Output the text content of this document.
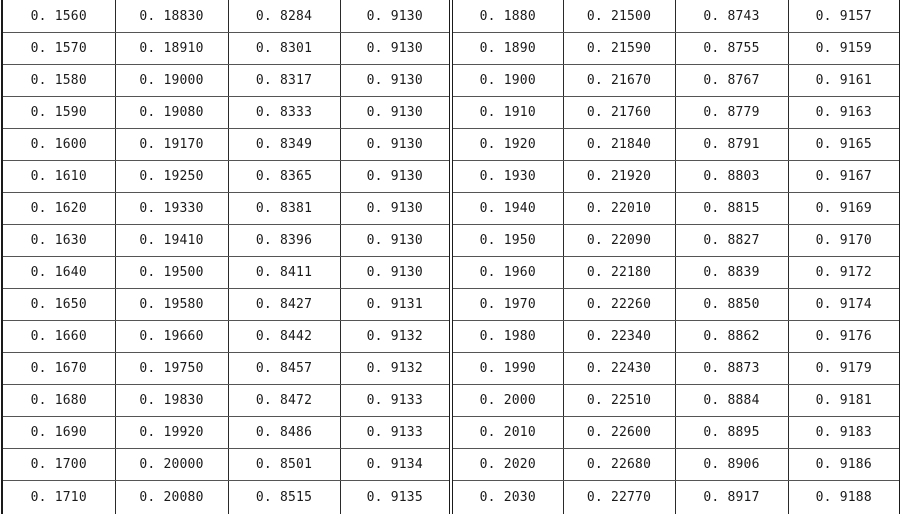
0. 1560	0. 18830	0. 8284	0. 9130	0. 1880	0. 21500	0. 8743	0. 9157
0. 1570	0. 18910	0. 8301	0. 9130	0. 1890	0. 21590	0. 8755	0. 9159
0. 1580	0. 19000	0. 8317	0. 9130	0. 1900	0. 21670	0. 8767	0. 9161
0. 1590	0. 19080	0. 8333	0. 9130	0. 1910	0. 21760	0. 8779	0. 9163
0. 1600	0. 19170	0. 8349	0. 9130	0. 1920	0. 21840	0. 8791	0. 9165
0. 1610	0. 19250	0. 8365	0. 9130	0. 1930	0. 21920	0. 8803	0. 9167
0. 1620	0. 19330	0. 8381	0. 9130	0. 1940	0. 22010	0. 8815	0. 9169
0. 1630	0. 19410	0. 8396	0. 9130	0. 1950	0. 22090	0. 8827	0. 9170
0. 1640	0. 19500	0. 8411	0. 9130	0. 1960	0. 22180	0. 8839	0. 9172
0. 1650	0. 19580	0. 8427	0. 9131	0. 1970	0. 22260	0. 8850	0. 9174
0. 1660	0. 19660	0. 8442	0. 9132	0. 1980	0. 22340	0. 8862	0. 9176
0. 1670	0. 19750	0. 8457	0. 9132	0. 1990	0. 22430	0. 8873	0. 9179
0. 1680	0. 19830	0. 8472	0. 9133	0. 2000	0. 22510	0. 8884	0. 9181
0. 1690	0. 19920	0. 8486	0. 9133	0. 2010	0. 22600	0. 8895	0. 9183
0. 1700	0. 20000	0. 8501	0. 9134	0. 2020	0. 22680	0. 8906	0. 9186
0. 1710	0. 20080	0. 8515	0. 9135	0. 2030	0. 22770	0. 8917	0. 9188
